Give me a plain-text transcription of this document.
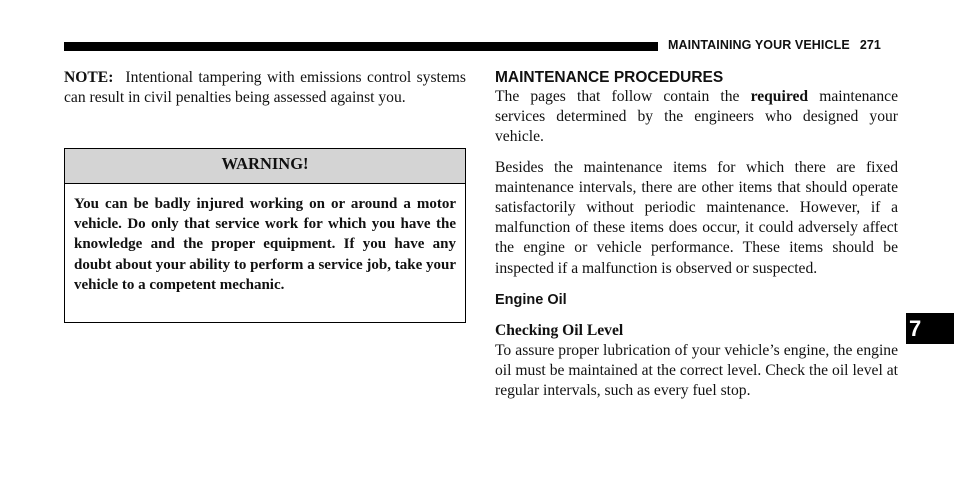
MAINTAINING YOUR VEHICLE 271

NOTE: Intentional tampering with emissions control systems can result in civil penalties being assessed against you.

WARNING!
You can be badly injured working on or around a motor vehicle. Do only that service work for which you have the knowledge and the proper equipment. If you have any doubt about your ability to perform a service job, take your vehicle to a competent mechanic.
MAINTENANCE PROCEDURES

The pages that follow contain the required maintenance services determined by the engineers who designed your vehicle.

Besides the maintenance items for which there are fixed maintenance intervals, there are other items that should operate satisfactorily without periodic maintenance. However, if a malfunction of these items does occur, it could adversely affect the engine or vehicle performance. These items should be inspected if a malfunction is observed or suspected.

Engine Oil
Checking Oil Level

To assure proper lubrication of your vehicle’s engine, the engine oil must be maintained at the correct level. Check the oil level at regular intervals, such as every fuel stop.

7
